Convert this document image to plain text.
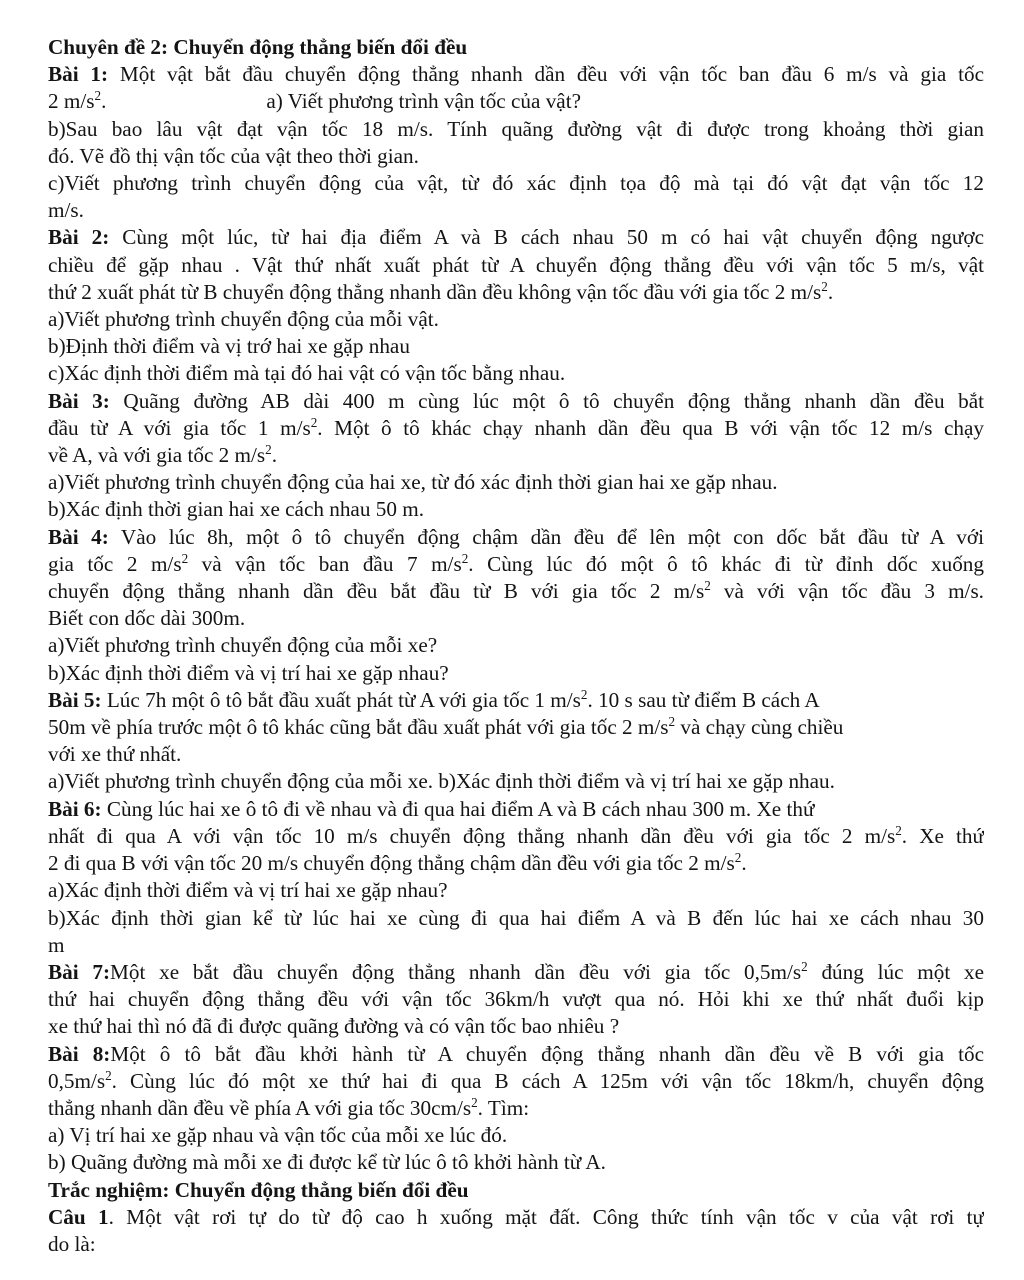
Chuyên đề 2: Chuyển động thẳng biến đổi đều
Bài 1: Một vật bắt đầu chuyển động thẳng nhanh dần đều với vận tốc ban đầu 6 m/s và gia tốc
2 $m/s^2$.	a) Viết phương trình vận tốc của vật?
b)Sau bao lâu vật đạt vận tốc 18 m/s. Tính quãng đường vật đi được trong khoảng thời gian
đó. Vẽ đồ thị vận tốc của vật theo thời gian.
c)Viết phương trình chuyển động của vật, từ đó xác định tọa độ mà tại đó vật đạt vận tốc 12
m/s.
Bài 2: Cùng một lúc, từ hai địa điểm A và B cách nhau 50 m có hai vật chuyển động ngược
chiều để gặp nhau . Vật thứ nhất xuất phát từ A chuyển động thẳng đều với vận tốc 5 m/s, vật
thứ 2 xuất phát từ B chuyển động thẳng nhanh dần đều không vận tốc đầu với gia tốc 2 $m/s^2$.
a)Viết phương trình chuyển động của mỗi vật.
b)Định thời điểm và vị trớ hai xe gặp nhau
c)Xác định thời điểm mà tại đó hai vật có vận tốc bằng nhau.
Bài 3: Quãng đường AB dài 400 m cùng lúc một ô tô chuyển động thẳng nhanh dần đều bắt
đầu từ A với gia tốc 1 $m/s^2$. Một ô tô khác chạy nhanh dần đều qua B với vận tốc 12 m/s chạy
về A, và với gia tốc 2 $m/s^2$.
a)Viết phương trình chuyển động của hai xe, từ đó xác định thời gian hai xe gặp nhau.
b)Xác định thời gian hai xe cách nhau 50 m.
Bài 4: Vào lúc 8h, một ô tô chuyển động chậm dần đều để lên một con dốc bắt đầu từ A với
gia tốc 2 $m/s^2$ và vận tốc ban đầu 7 $m/s^2$. Cùng lúc đó một ô tô khác đi từ đỉnh dốc xuống
chuyển động thẳng nhanh dần đều bắt đầu từ B với gia tốc 2 $m/s^2$ và với vận tốc đầu 3 m/s.
Biết con dốc dài 300m.
a)Viết phương trình chuyển động của mỗi xe?
b)Xác định thời điểm và vị trí hai xe gặp nhau?
Bài 5: Lúc 7h một ô tô bắt đầu xuất phát từ A với gia tốc 1 $m/s^2$. 10 s sau từ điểm B cách A
50m về phía trước một ô tô khác cũng bắt đầu xuất phát với gia tốc 2 $m/s^2$ và chạy cùng chiều
với xe thứ nhất.
a)Viết phương trình chuyển động của mỗi xe. b)Xác định thời điểm và vị trí hai xe gặp nhau.
Bài 6: Cùng lúc hai xe ô tô đi về nhau và đi qua hai điểm A và B cách nhau 300 m. Xe thứ
nhất đi qua A với vận tốc 10 m/s chuyển động thẳng nhanh dần đều với gia tốc 2 $m/s^2$. Xe thứ
2 đi qua B với vận tốc 20 m/s chuyển động thẳng chậm dần đều với gia tốc 2 $m/s^2$.
a)Xác định thời điểm và vị trí hai xe gặp nhau?
b)Xác định thời gian kể từ lúc hai xe cùng đi qua hai điểm A và B đến lúc hai xe cách nhau 30
m
Bài 7:Một xe bắt đầu chuyển động thẳng nhanh dần đều với gia tốc $0,5m/s^2$ đúng lúc một xe
thứ hai chuyển động thẳng đều với vận tốc 36km/h vượt qua nó. Hỏi khi xe thứ nhất đuổi kịp
xe thứ hai thì nó đã đi được quãng đường và có vận tốc bao nhiêu ?
Bài 8:Một ô tô bắt đầu khởi hành từ A chuyển động thẳng nhanh dần đều về B với gia tốc
$0,5m/s^2$. Cùng lúc đó một xe thứ hai đi qua B cách A 125m với vận tốc 18km/h, chuyển động
thẳng nhanh dần đều về phía A với gia tốc $30cm/s^2$. Tìm:
a) Vị trí hai xe gặp nhau và vận tốc của mỗi xe lúc đó.
b) Quãng đường mà mỗi xe đi được kể từ lúc ô tô khởi hành từ A.
Trắc nghiệm: Chuyển động thẳng biến đổi đều
Câu 1. Một vật rơi tự do từ độ cao h xuống mặt đất. Công thức tính vận tốc v của vật rơi tự
do là:
